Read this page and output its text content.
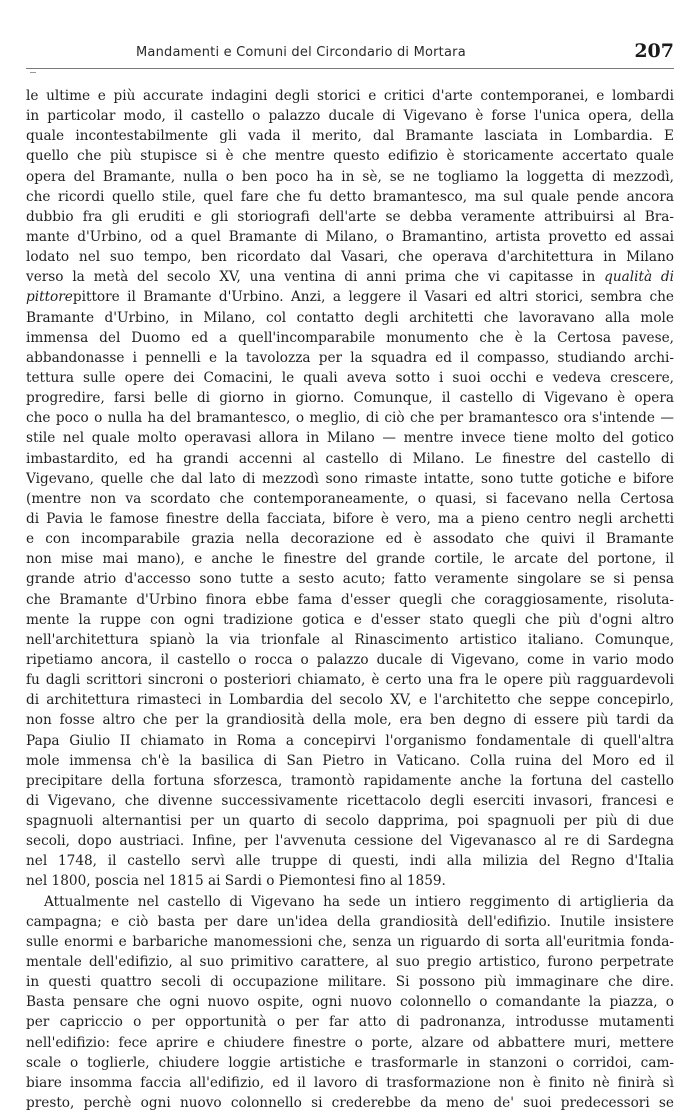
Mandamenti e Comuni del Circondario di Mortara	207
le ultime e più accurate indagini degli storici e critici d'arte contemporanei, e lombardi
in particolar modo, il castello o palazzo ducale di Vigevano è forse l'unica opera, della
quale incontestabilmente gli vada il merito, dal Bramante lasciata in Lombardia. E
quello che più stupisce si è che mentre questo edifizio è storicamente accertato quale
opera del Bramante, nulla o ben poco ha in sè, se ne togliamo la loggetta di mezzodì,
che ricordi quello stile, quel fare che fu detto bramantesco, ma sul quale pende ancora
dubbio fra gli eruditi e gli storiografi dell'arte se debba veramente attribuirsi al Bra-
mante d'Urbino, od a quel Bramante di Milano, o Bramantino, artista provetto ed assai
lodato nel suo tempo, ben ricordato dal Vasari, che operava d'architettura in Milano
verso la metà del secolo XV, una ventina di anni prima che vi capitasse in qualità di
pittorepittore il Bramante d'Urbino. Anzi, a leggere il Vasari ed altri storici, sembra che
Bramante d'Urbino, in Milano, col contatto degli architetti che lavoravano alla mole
immensa del Duomo ed a quell'incomparabile monumento che è la Certosa pavese,
abbandonasse i pennelli e la tavolozza per la squadra ed il compasso, studiando archi-
tettura sulle opere dei Comacini, le quali aveva sotto i suoi occhi e vedeva crescere,
progredire, farsi belle di giorno in giorno. Comunque, il castello di Vigevano è opera
che poco o nulla ha del bramantesco, o meglio, di ciò che per bramantesco ora s'intende —
stile nel quale molto operavasi allora in Milano — mentre invece tiene molto del gotico
imbastardito, ed ha grandi accenni al castello di Milano. Le finestre del castello di
Vigevano, quelle che dal lato di mezzodì sono rimaste intatte, sono tutte gotiche e bifore
(mentre non va scordato che contemporaneamente, o quasi, si facevano nella Certosa
di Pavia le famose finestre della facciata, bifore è vero, ma a pieno centro negli archetti
e con incomparabile grazia nella decorazione ed è assodato che quivi il Bramante
non mise mai mano), e anche le finestre del grande cortile, le arcate del portone, il
grande atrio d'accesso sono tutte a sesto acuto; fatto veramente singolare se si pensa
che Bramante d'Urbino finora ebbe fama d'esser quegli che coraggiosamente, risoluta-
mente la ruppe con ogni tradizione gotica e d'esser stato quegli che più d'ogni altro
nell'architettura spianò la via trionfale al Rinascimento artistico italiano. Comunque,
ripetiamo ancora, il castello o rocca o palazzo ducale di Vigevano, come in vario modo
fu dagli scrittori sincroni o posteriori chiamato, è certo una fra le opere più ragguardevoli
di architettura rimasteci in Lombardia del secolo XV, e l'architetto che seppe concepirlo,
non fosse altro che per la grandiosità della mole, era ben degno di essere più tardi da
Papa Giulio II chiamato in Roma a concepirvi l'organismo fondamentale di quell'altra
mole immensa ch'è la basilica di San Pietro in Vaticano. Colla ruina del Moro ed il
precipitare della fortuna sforzesca, tramontò rapidamente anche la fortuna del castello
di Vigevano, che divenne successivamente ricettacolo degli eserciti invasori, francesi e
spagnuoli alternantisi per un quarto di secolo dapprima, poi spagnuoli per più di due
secoli, dopo austriaci. Infine, per l'avvenuta cessione del Vigevanasco al re di Sardegna
nel 1748, il castello servì alle truppe di questi, indi alla milizia del Regno d'Italia
nel 1800, poscia nel 1815 ai Sardi o Piemontesi fino al 1859.
Attualmente nel castello di Vigevano ha sede un intiero reggimento di artiglieria da
campagna; e ciò basta per dare un'idea della grandiosità dell'edifizio. Inutile insistere
sulle enormi e barbariche manomessioni che, senza un riguardo di sorta all'euritmia fonda-
mentale dell'edifizio, al suo primitivo carattere, al suo pregio artistico, furono perpetrate
in questi quattro secoli di occupazione militare. Si possono più immaginare che dire.
Basta pensare che ogni nuovo ospite, ogni nuovo colonnello o comandante la piazza, o
per capriccio o per opportunità o per far atto di padronanza, introdusse mutamenti
nell'edifizio: fece aprire e chiudere finestre o porte, alzare od abbattere muri, mettere
scale o toglierle, chiudere loggie artistiche e trasformarle in stanzoni o corridoi, cam-
biare insomma faccia all'edifizio, ed il lavoro di trasformazione non è finito nè finirà sì
presto, perchè ogni nuovo colonnello si crederebbe da meno de' suoi predecessori se
